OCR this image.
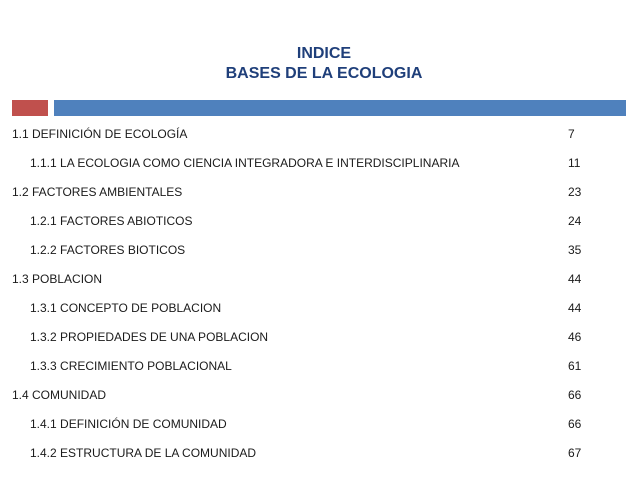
INDICE
BASES DE LA ECOLOGIA
1.1 DEFINICIÓN DE ECOLOGÍA	7
1.1.1 LA ECOLOGIA COMO CIENCIA INTEGRADORA E INTERDISCIPLINARIA	11
1.2 FACTORES AMBIENTALES	23
1.2.1 FACTORES ABIOTICOS	24
1.2.2 FACTORES BIOTICOS	35
1.3 POBLACION	44
1.3.1 CONCEPTO DE POBLACION	44
1.3.2 PROPIEDADES DE UNA POBLACION	46
1.3.3 CRECIMIENTO POBLACIONAL	61
1.4 COMUNIDAD	66
1.4.1 DEFINICIÓN DE COMUNIDAD	66
1.4.2 ESTRUCTURA DE LA COMUNIDAD	67
